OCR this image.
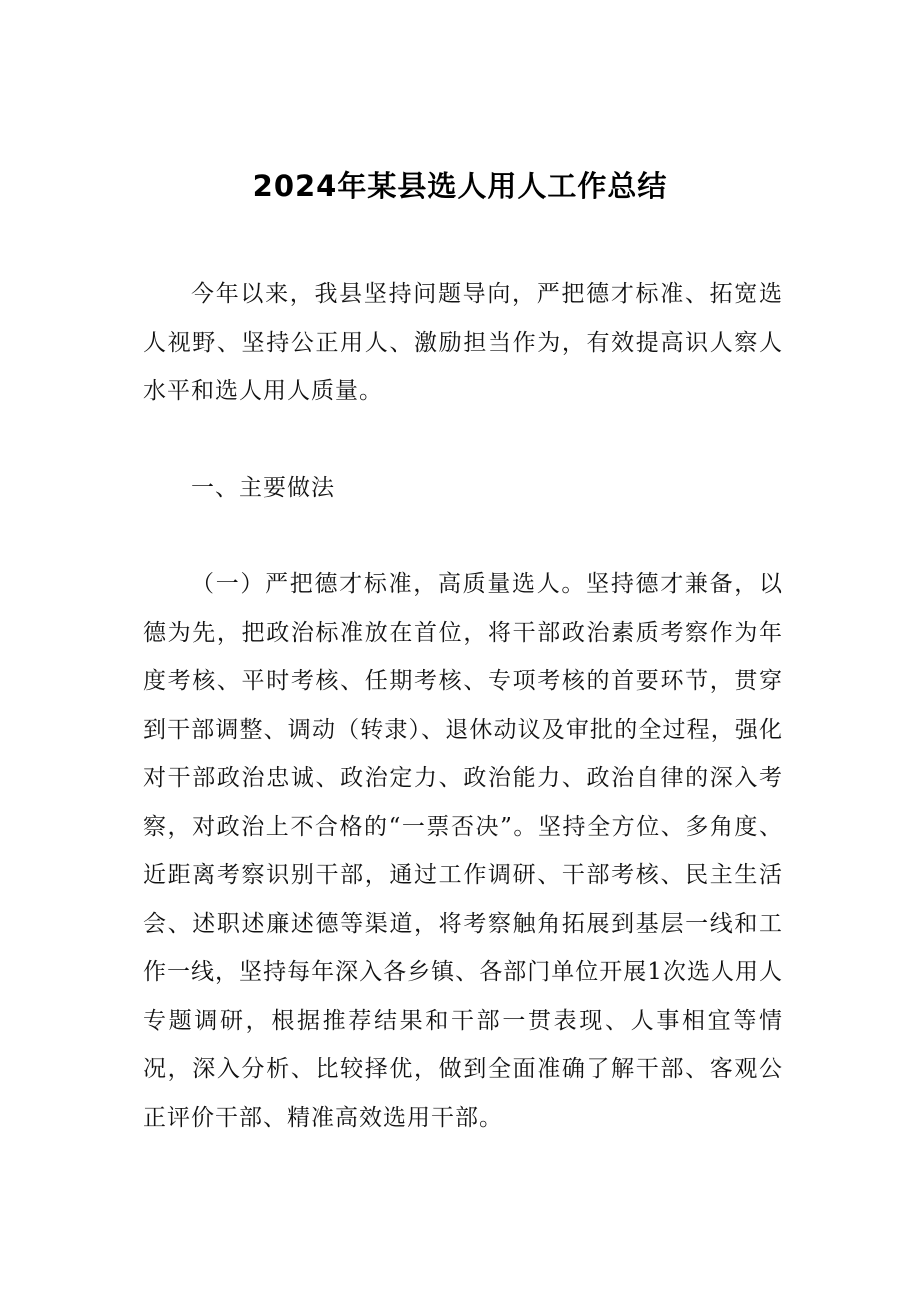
2024年某县选人用人工作总结

今年以来，我县坚持问题导向，严把德才标准、拓宽选人视野、坚持公正用人、激励担当作为，有效提高识人察人水平和选人用人质量。

一、主要做法

（一）严把德才标准，高质量选人。坚持德才兼备，以德为先，把政治标准放在首位，将干部政治素质考察作为年度考核、平时考核、任期考核、专项考核的首要环节，贯穿到干部调整、调动（转隶）、退休动议及审批的全过程，强化对干部政治忠诚、政治定力、政治能力、政治自律的深入考察，对政治上不合格的“一票否决”。坚持全方位、多角度、近距离考察识别干部，通过工作调研、干部考核、民主生活会、述职述廉述德等渠道，将考察触角拓展到基层一线和工作一线，坚持每年深入各乡镇、各部门单位开展1次选人用人专题调研，根据推荐结果和干部一贯表现、人事相宜等情况，深入分析、比较择优，做到全面准确了解干部、客观公正评价干部、精准高效选用干部。
